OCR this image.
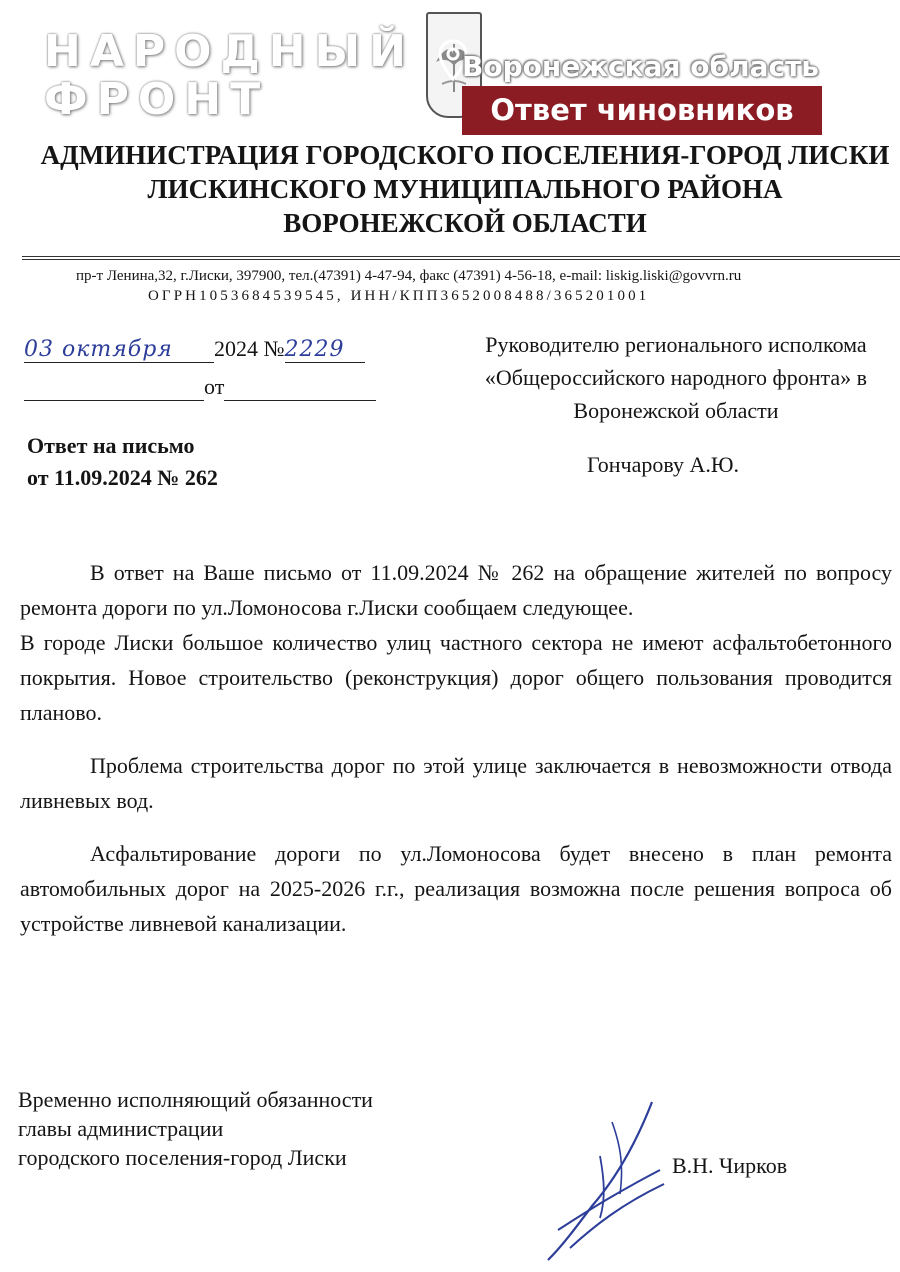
НАРОДНЫЙ
ФРОНТ
Воронежская область
Ответ чиновников
АДМИНИСТРАЦИЯ ГОРОДСКОГО ПОСЕЛЕНИЯ-ГОРОД ЛИСКИ
ЛИСКИНСКОГО МУНИЦИПАЛЬНОГО РАЙОНА
ВОРОНЕЖСКОЙ ОБЛАСТИ
пр-т Ленина,32, г.Лиски, 397900, тел.(47391) 4-47-94, факс (47391) 4-56-18, e-mail: liskig.liski@govvrn.ru
ОГРН1053684539545, ИНН/КПП3652008488/365201001
03 октября 2024 №2229
от
Руководителю регионального исполкома
«Общероссийского народного фронта» в
Воронежской области
Гончарову А.Ю.
Ответ на письмо
от 11.09.2024 № 262

В ответ на Ваше письмо от 11.09.2024 № 262 на обращение жителей по вопросу ремонта дороги по ул.Ломоносова г.Лиски сообщаем следующее.

В городе Лиски большое количество улиц частного сектора не имеют асфальтобетонного покрытия. Новое строительство (реконструкция) дорог общего пользования проводится планово.

Проблема строительства дорог по этой улице заключается в невозможности отвода ливневых вод.

Асфальтирование дороги по ул.Ломоносова будет внесено в план ремонта автомобильных дорог на 2025-2026 г.г., реализация возможна после решения вопроса об устройстве ливневой канализации.

Временно исполняющий обязанности
главы администрации
городского поселения-город Лиски	В.Н. Чирков
